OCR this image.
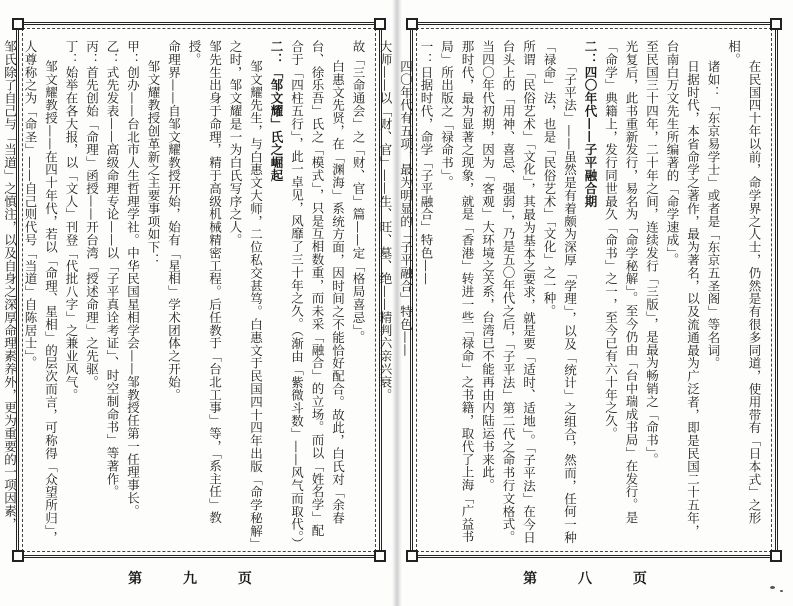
故「三命通会」之「财、官」篇——定「格局喜忌」。

白惠文先贤，在「渊海」系统方面，因时间之不能恰好配合。故此，白氏对「余春台、徐乐吾」氏之「模式」，只是互相数重，而未采「融合」的立场。而以「姓名学」配合于「四柱五行」，此一卓见，风靡了三十年之久。（渐由「紫微斗数」——风气而取代。）

二：「邹文耀」氏之崛起

邹文耀先生，与白惠文大师，二位私交甚笃。白惠文于民国四十四年出版「命学秘解」之时，邹文耀是一为白氏写序之人。

邹先生出身于命理，精于高级机械精密工程。后任教于「台北工事」等，「系主任」教授。

命理界——自邹文耀教授开始，始有「星相」学术团体之开始。

邹文耀教授创革新之主要事项如下：

甲：创办——台北市人生哲理学社。中华民国星相学会——邹教授任第一任理事长。

乙：式先发表——高级命理专论——以「子平真诠考证」、时空制命书」等著作。

丙：首先创始「命理」函授——开台湾「授述命理」之先驱。

丁：始举在各大报，以「文人」刊登「代批八字」之兼业风气。

邹文耀教授——在四十年代，若以「命理、星相」的层次而言，可称得「众望所归」，人尊称之为「命圣」——自己则代号「当道」自陈居士」。

邹氏除了自己与「当道」之慎注，以及自身之深厚命理素养外，更为重要的一项因素，

第 九 页

在民国四十年以前，命学界之人士，仍然是有很多同道，使用带有「日本式」之形相。

诸如：「东京易学士」或者是「东京五圣阁」等名词。

日据时代，本省命学之著作，最为著名，以及流通最为广泛者，即是民国二十五年，台南白万文先生所编著的「命学速成」。

至民国三十四年，二十年之间，连续发行「三版」，是最为畅销之「命书」。

光复后，此书重新发行，易名为「命学秘解」。至今仍由「台中瑞成书局」在发行。是「命学」典籍上，发行同世最久「命书」之一，至今已有六十年之久。

二：四〇年代——子平融合期

「子平法」——虽然是有着颇为深厚「学理」，以及「统计」之组合，然而，任何一种「禄命」法，也是「民俗艺术」「文化」之一种。

所谓「民俗艺术」「文化」，其最为基本之要求，就是要「适时、适地」。「子平法」在今日台头上的「用神、喜忌、强弱」，乃是五〇年代之后，「子平法」第二代之命书行文格式。

当四〇年代初期，因为「客观」大环境之关系，台湾已不能再由内陆运书来此。

那时代，最为显著之现象，就是「香港」转进一些「禄命」之书籍，取代了上海「广益书局」所出版之「禄命书」。

一：日据时代，命学「子平融合」特色——

四〇年代有五项，最为明显的「子平融合」特色——

大师——以「财、官」——生、旺、墓、绝——精判六亲兴衰。

第 八 页
